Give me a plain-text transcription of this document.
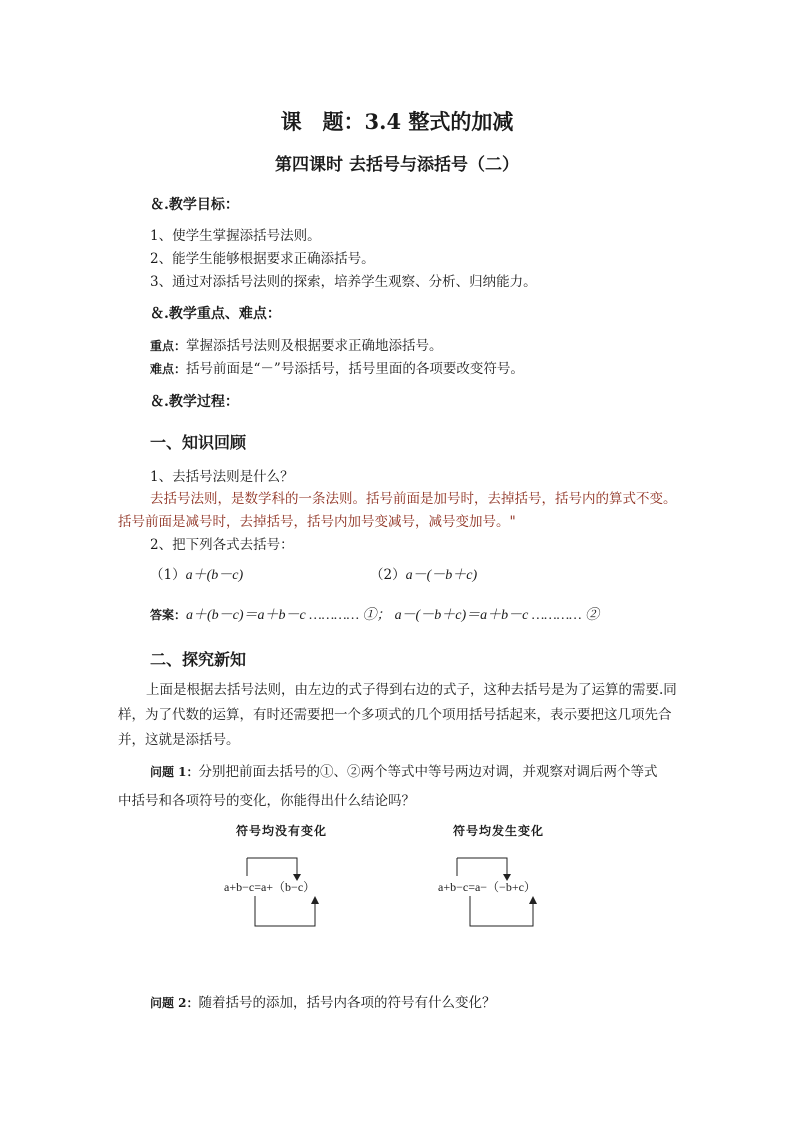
课　题：3.4 整式的加减
第四课时 去括号与添括号（二）
＆.教学目标：
1、使学生掌握添括号法则。
2、能学生能够根据要求正确添括号。
3、通过对添括号法则的探索，培养学生观察、分析、归纳能力。
＆.教学重点、难点：
重点：掌握添括号法则及根据要求正确地添括号。
难点：括号前面是“－”号添括号，括号里面的各项要改变符号。
＆.教学过程：
一、知识回顾
1、去括号法则是什么？
去括号法则，是数学科的一条法则。括号前面是加号时，去掉括号，括号内的算式不变。
括号前面是减号时，去掉括号，括号内加号变减号，减号变加号。"
2、把下列各式去括号：
（1）a＋(b－c)	（2）a－(－b＋c)
答案：a＋(b－c)＝a＋b－c ………… ①； a－(－b＋c)＝a＋b－c ………… ②
二、探究新知
上面是根据去括号法则，由左边的式子得到右边的式子，这种去括号是为了运算的需要.同样，为了代数的运算，有时还需要把一个多项式的几个项用括号括起来，表示要把这几项先合并，这就是添括号。
问题 1：分别把前面去括号的①、②两个等式中等号两边对调，并观察对调后两个等式
中括号和各项符号的变化，你能得出什么结论吗？
符号均没有变化
a+b−c=a+（b−c）
符号均发生变化
a+b−c=a−（−b+c）
问题 2：随着括号的添加，括号内各项的符号有什么变化？
